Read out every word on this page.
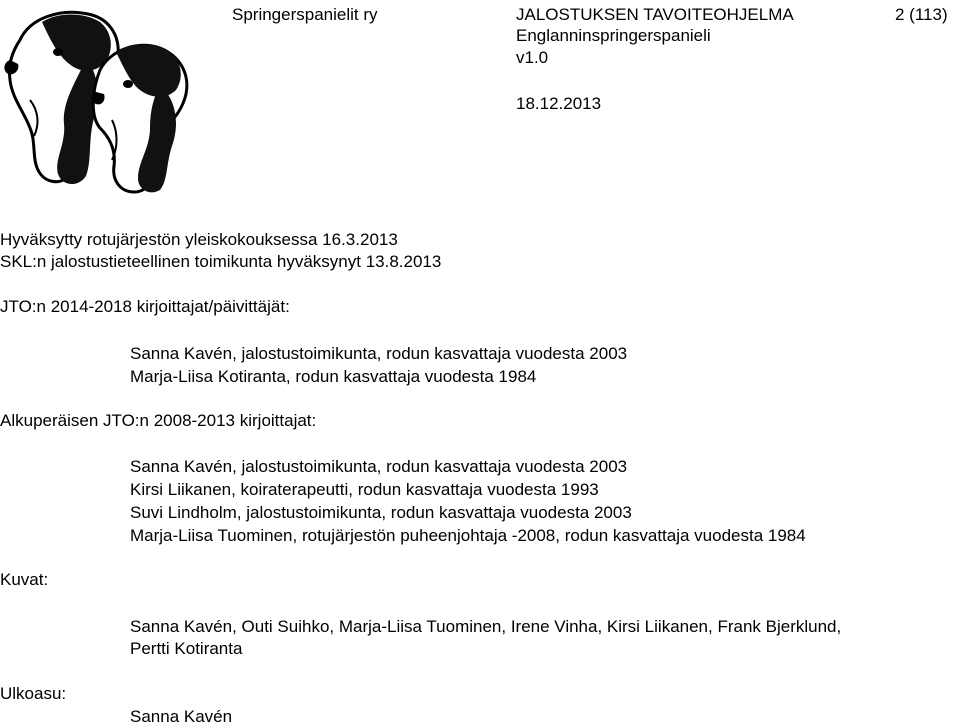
Springerspanielit ry	JALOSTUKSEN TAVOITEOHJELMA
Englanninspringerspanieli
v1.0
18.12.2013
2 (113)
Hyväksytty rotujärjestön yleiskokouksessa 16.3.2013
SKL:n jalostustieteellinen toimikunta hyväksynyt 13.8.2013
JTO:n 2014-2018 kirjoittajat/päivittäjät:
Sanna Kavén, jalostustoimikunta, rodun kasvattaja vuodesta 2003
Marja-Liisa Kotiranta, rodun kasvattaja vuodesta 1984
Alkuperäisen JTO:n 2008-2013 kirjoittajat:
Sanna Kavén, jalostustoimikunta, rodun kasvattaja vuodesta 2003
Kirsi Liikanen, koiraterapeutti, rodun kasvattaja vuodesta 1993
Suvi Lindholm, jalostustoimikunta, rodun kasvattaja vuodesta 2003
Marja-Liisa Tuominen, rotujärjestön puheenjohtaja -2008, rodun kasvattaja vuodesta 1984
Kuvat:
Sanna Kavén, Outi Suihko, Marja-Liisa Tuominen, Irene Vinha, Kirsi Liikanen, Frank Bjerklund,
Pertti Kotiranta
Ulkoasu:
Sanna Kavén
